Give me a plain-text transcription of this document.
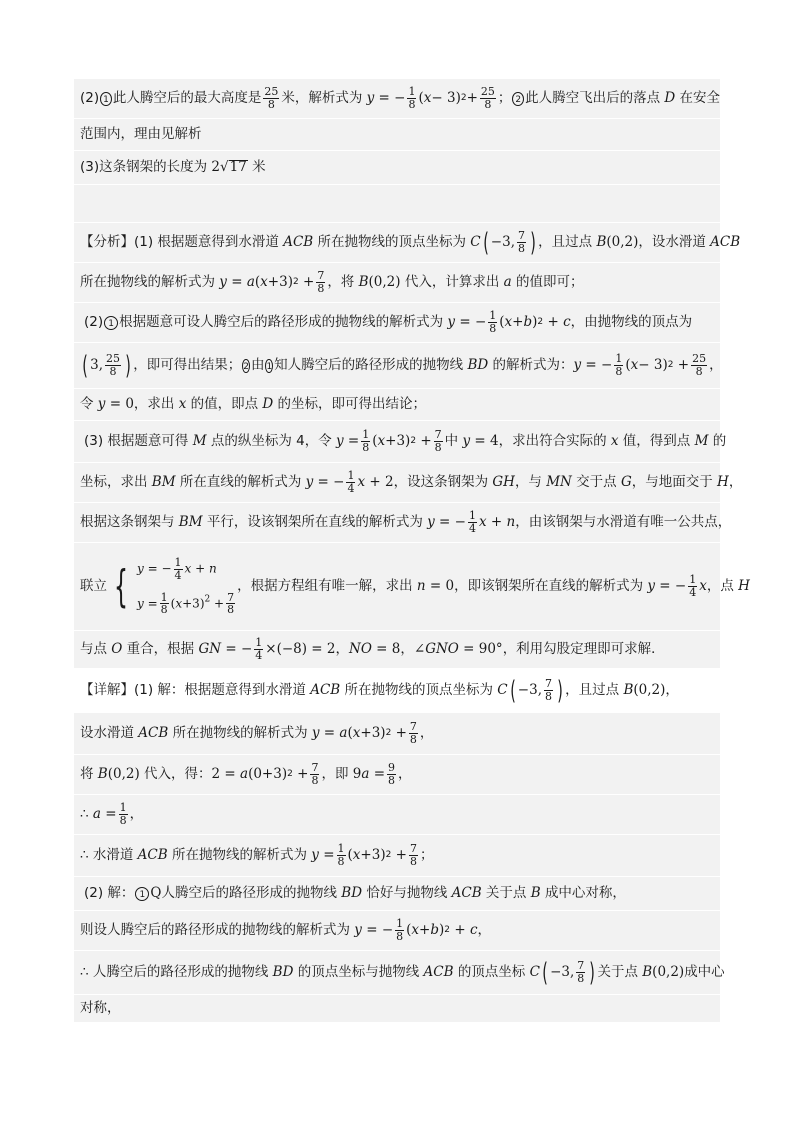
(2) 1 此人腾空后的最大高度是 $\frac{25}{8}$ 米，解析式为 y = − $\frac{1}{8}$ ( x − 3) $2 + \frac{25}{8}$ ； 2 此人腾空飞出后的落点 D 在安全
范围内，理由见解析
(3)这条钢架的长度为 2 √ 17 米
【分析】(1) 根据题意得到水滑道 ACB 所在抛物线的顶点坐标为 C ( −3, $\frac{7}{8}$ ) ，且过点 B (0,2) ，设水滑道 ACB
所在抛物线的解析式为 y = a ( x +3) $2 + \frac{7}{8}$ ，将 B (0,2) 代入，计算求出 a 的值即可；
(2) 1 根据题意可设人腾空后的路径形成的抛物线的解析式为 y = − $\frac{1}{8}$ ( x + b ) 2 + c ，由抛物线的顶点为
( 3, $\frac{25}{8}$ ) ，即可得出结果； 2 由 1 知人腾空后的路径形成的抛物线 BD 的解析式为： y = − $\frac{1}{8}$ ( x − 3) $2 + \frac{25}{8}$ ，
令 y = 0 ，求出 x 的值，即点 D 的坐标，即可得出结论；
(3) 根据题意可得 M 点的纵坐标为 4，令 $y = \frac{1}{8}$ ( x +3) $2 + \frac{7}{8}$ 中 y = 4 ，求出符合实际的 x 值，得到点 M 的
坐标，求出 BM 所在直线的解析式为 y = − $\frac{1}{4}$ x + 2 ，设这条钢架为 GH ，与 MN 交于点 G ，与地面交于 H ，
根据这条钢架与 BM 平行，设该钢架所在直线的解析式为 y = − $\frac{1}{4}$ x + n ，由该钢架与水滑道有唯一公共点，
联立 { y = − $\frac{1}{4}$ x + n
$y = \frac{1}{8} (x+3)^2 + \frac{7}{8}$
，根据方程组有唯一解，求出 n = 0 ，即该钢架所在直线的解析式为 y = − $\frac{1}{4}$ x ，点 H
与点 O 重合，根据 GN = − $\frac{1}{4} \times(-8) = 2$ ， NO = 8 ， ∠ GNO = 90° ，利用勾股定理即可求解．
【详解】(1) 解：根据题意得到水滑道 ACB 所在抛物线的顶点坐标为 C ( −3, $\frac{7}{8}$ ) ，且过点 B (0,2) ，
设水滑道 ACB 所在抛物线的解析式为 y = a ( x +3) $2 + \frac{7}{8}$ ，
将 B (0,2) 代入，得： 2 = a (0+3) $2 + \frac{7}{8}$ ，即 9 $a = \frac{9}{8}$ ，
∴ $a = \frac{1}{8}$ ，
∴ 水滑道 ACB 所在抛物线的解析式为 $y = \frac{1}{8}$ ( x +3) $2 + \frac{7}{8}$ ；
(2) 解： 1 Q 人腾空后的路径形成的抛物线 BD 恰好与抛物线 ACB 关于点 B 成中心对称，
则设人腾空后的路径形成的抛物线的解析式为 y = − $\frac{1}{8}$ ( x + b ) 2 + c ，
∴ 人腾空后的路径形成的抛物线 BD 的顶点坐标与抛物线 ACB 的顶点坐标 C ( −3, $\frac{7}{8}$ ) 关于点 B (0,2) 成中心
对称，
